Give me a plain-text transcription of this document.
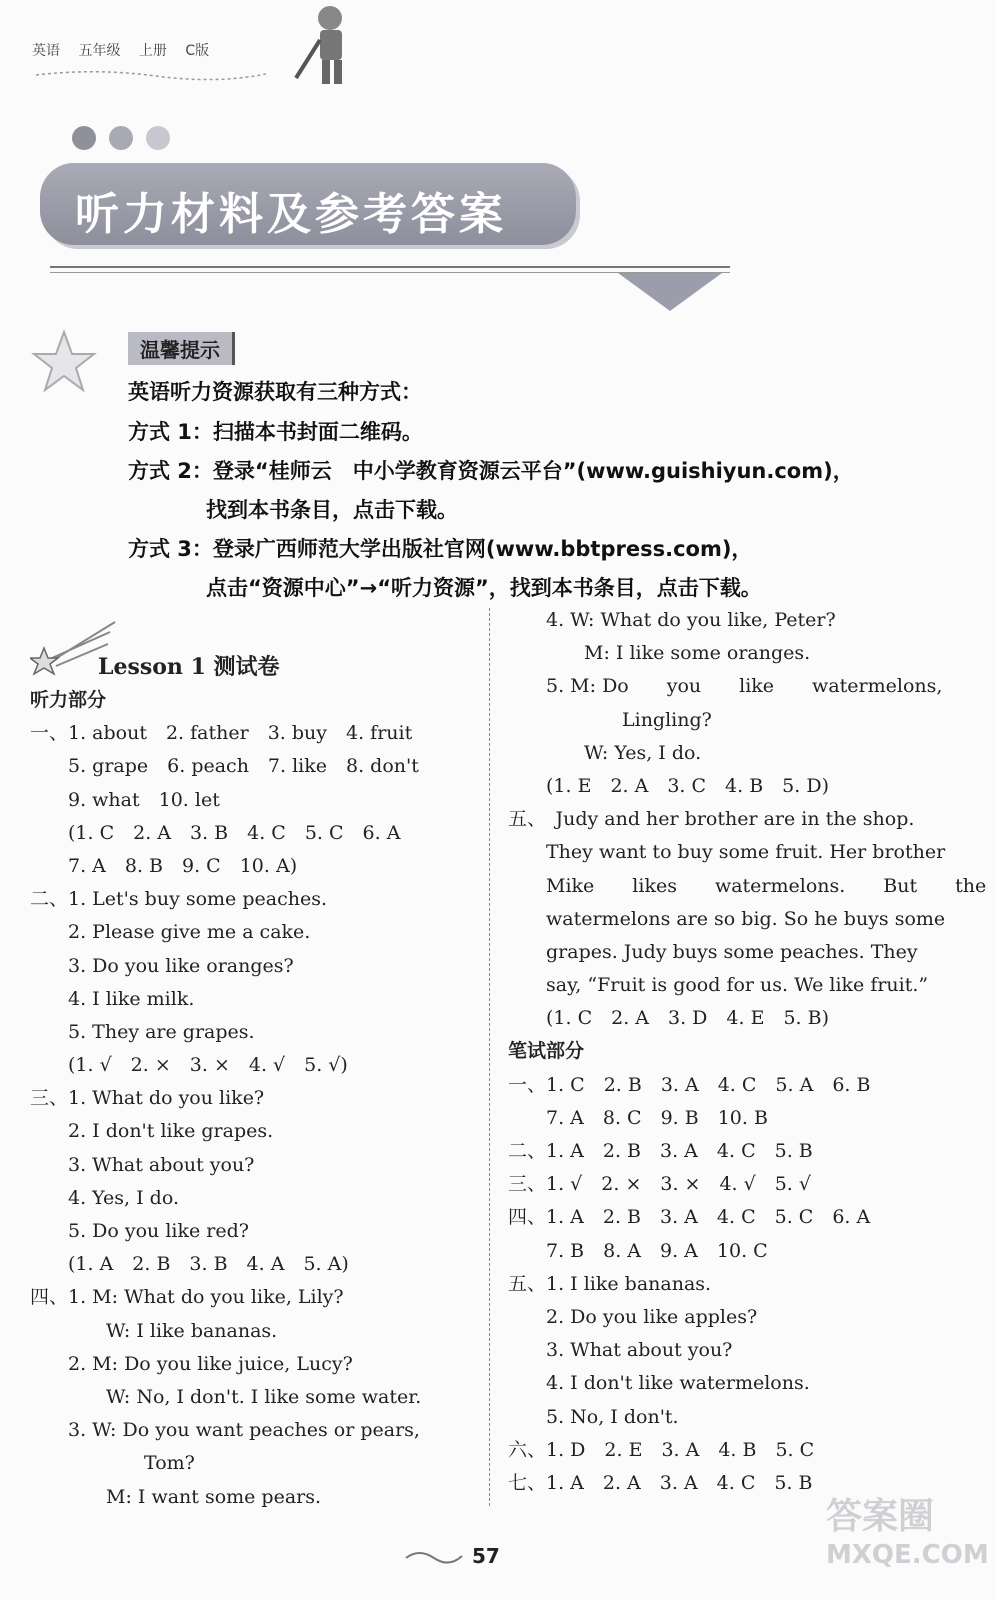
英语 五年级 上册 C版

听力材料及参考答案
温馨提示
英语听力资源获取有三种方式：
方式 1：扫描本书封面二维码。
方式 2：登录“桂师云　中小学教育资源云平台”(www.guishiyun.com)，
找到本书条目，点击下载。
方式 3：登录广西师范大学出版社官网(www.bbtpress.com)，
点击“资源中心”→“听力资源”，找到本书条目，点击下载。
Lesson 1 测试卷
听力部分
一、1. about　2. father　3. buy　4. fruit
　　5. grape　6. peach　7. like　8. don't
　　9. what　10. let
　　(1. C　2. A　3. B　4. C　5. C　6. A
　　7. A　8. B　9. C　10. A)
二、1. Let's buy some peaches.
　　2. Please give me a cake.
　　3. Do you like oranges?
　　4. I like milk.
　　5. They are grapes.
　　(1. √　2. ×　3. ×　4. √　5. √)
三、1. What do you like?
　　2. I don't like grapes.
　　3. What about you?
　　4. Yes, I do.
　　5. Do you like red?
　　(1. A　2. B　3. B　4. A　5. A)
四、1. M: What do you like, Lily?
　　　　W: I like bananas.
　　2. M: Do you like juice, Lucy?
　　　　W: No, I don't. I like some water.
　　3. W: Do you want peaches or pears,
　　　　　　Tom?
　　　　M: I want some pears.
　　4. W: What do you like, Peter?
　　　　M: I like some oranges.
　　5. M: Do　　you　　like　　watermelons,
　　　　　　Lingling?
　　　　W: Yes, I do.
　　(1. E　2. A　3. C　4. B　5. D)
五、　Judy and her brother are in the shop.
　　They want to buy some fruit. Her brother
　　Mike　　likes　　watermelons.　　But　　the
　　watermelons are so big. So he buys some
　　grapes. Judy buys some peaches. They
　　say, “Fruit is good for us. We like fruit.”
　　(1. C　2. A　3. D　4. E　5. B)
笔试部分
一、1. C　2. B　3. A　4. C　5. A　6. B
　　7. A　8. C　9. B　10. B
二、1. A　2. B　3. A　4. C　5. B
三、1. √　2. ×　3. ×　4. √　5. √
四、1. A　2. B　3. A　4. C　5. C　6. A
　　7. B　8. A　9. A　10. C
五、1. I like bananas.
　　2. Do you like apples?
　　3. What about you?
　　4. I don't like watermelons.
　　5. No, I don't.
六、1. D　2. E　3. A　4. B　5. C
七、1. A　2. A　3. A　4. C　5. B
答案圈
MXQE.COM
57
